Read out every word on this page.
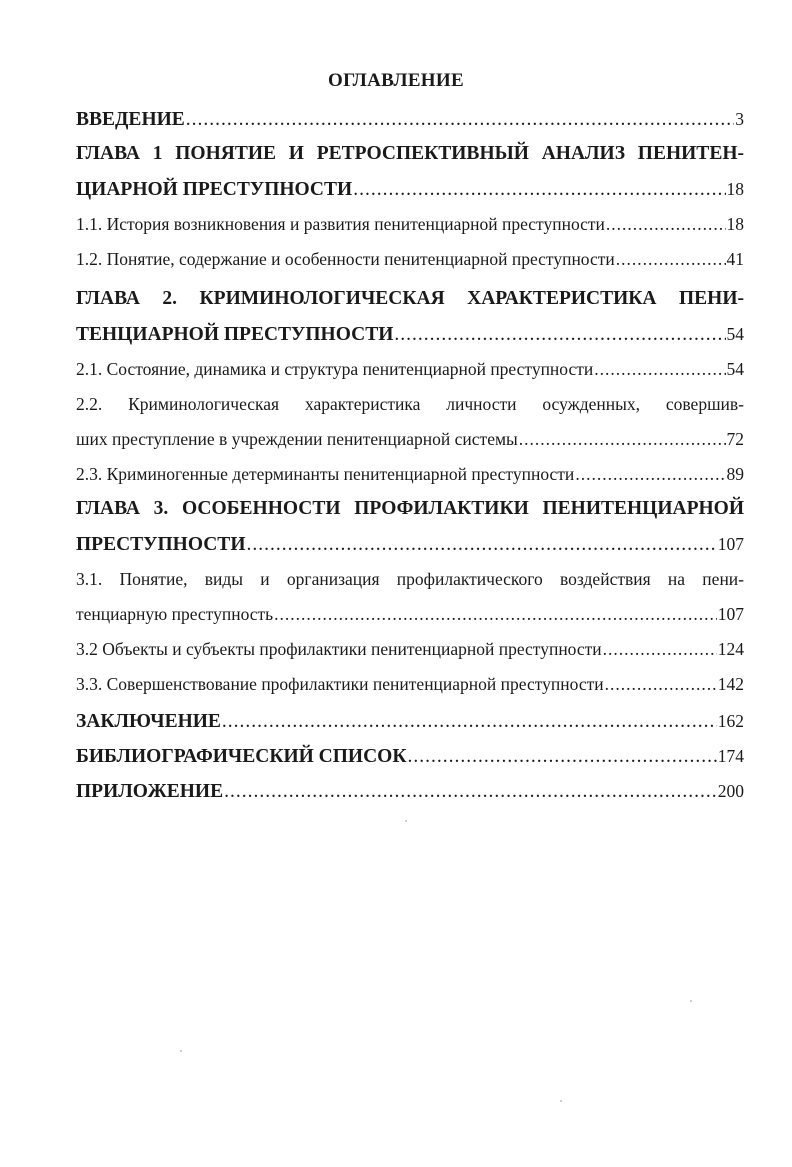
ОГЛАВЛЕНИЕ
ВВЕДЕНИЕ .....	3
ГЛАВА 1 ПОНЯТИЕ И РЕТРОСПЕКТИВНЫЙ АНАЛИЗ ПЕНИТЕН-
ЦИАРНОЙ ПРЕСТУПНОСТИ .....	18
1.1. История возникновения и развития пенитенциарной преступности .....	18
1.2. Понятие, содержание и особенности пенитенциарной преступности .....	41
ГЛАВА 2. КРИМИНОЛОГИЧЕСКАЯ ХАРАКТЕРИСТИКА ПЕНИ-
ТЕНЦИАРНОЙ ПРЕСТУПНОСТИ .....	54
2.1. Состояние, динамика и структура пенитенциарной преступности .....	54
2.2. Криминологическая характеристика личности осужденных, совершив-
ших преступление в учреждении пенитенциарной системы .....	72
2.3. Криминогенные детерминанты пенитенциарной преступности .....	89
ГЛАВА 3. ОСОБЕННОСТИ ПРОФИЛАКТИКИ ПЕНИТЕНЦИАРНОЙ
ПРЕСТУПНОСТИ .....	107
3.1. Понятие, виды и организация профилактического воздействия на пени-
тенциарную преступность .....	107
3.2 Объекты и субъекты профилактики пенитенциарной преступности .....	124
3.3. Совершенствование профилактики пенитенциарной преступности .....	142
ЗАКЛЮЧЕНИЕ .....	162
БИБЛИОГРАФИЧЕСКИЙ СПИСОК .....	174
ПРИЛОЖЕНИЕ .....	200
